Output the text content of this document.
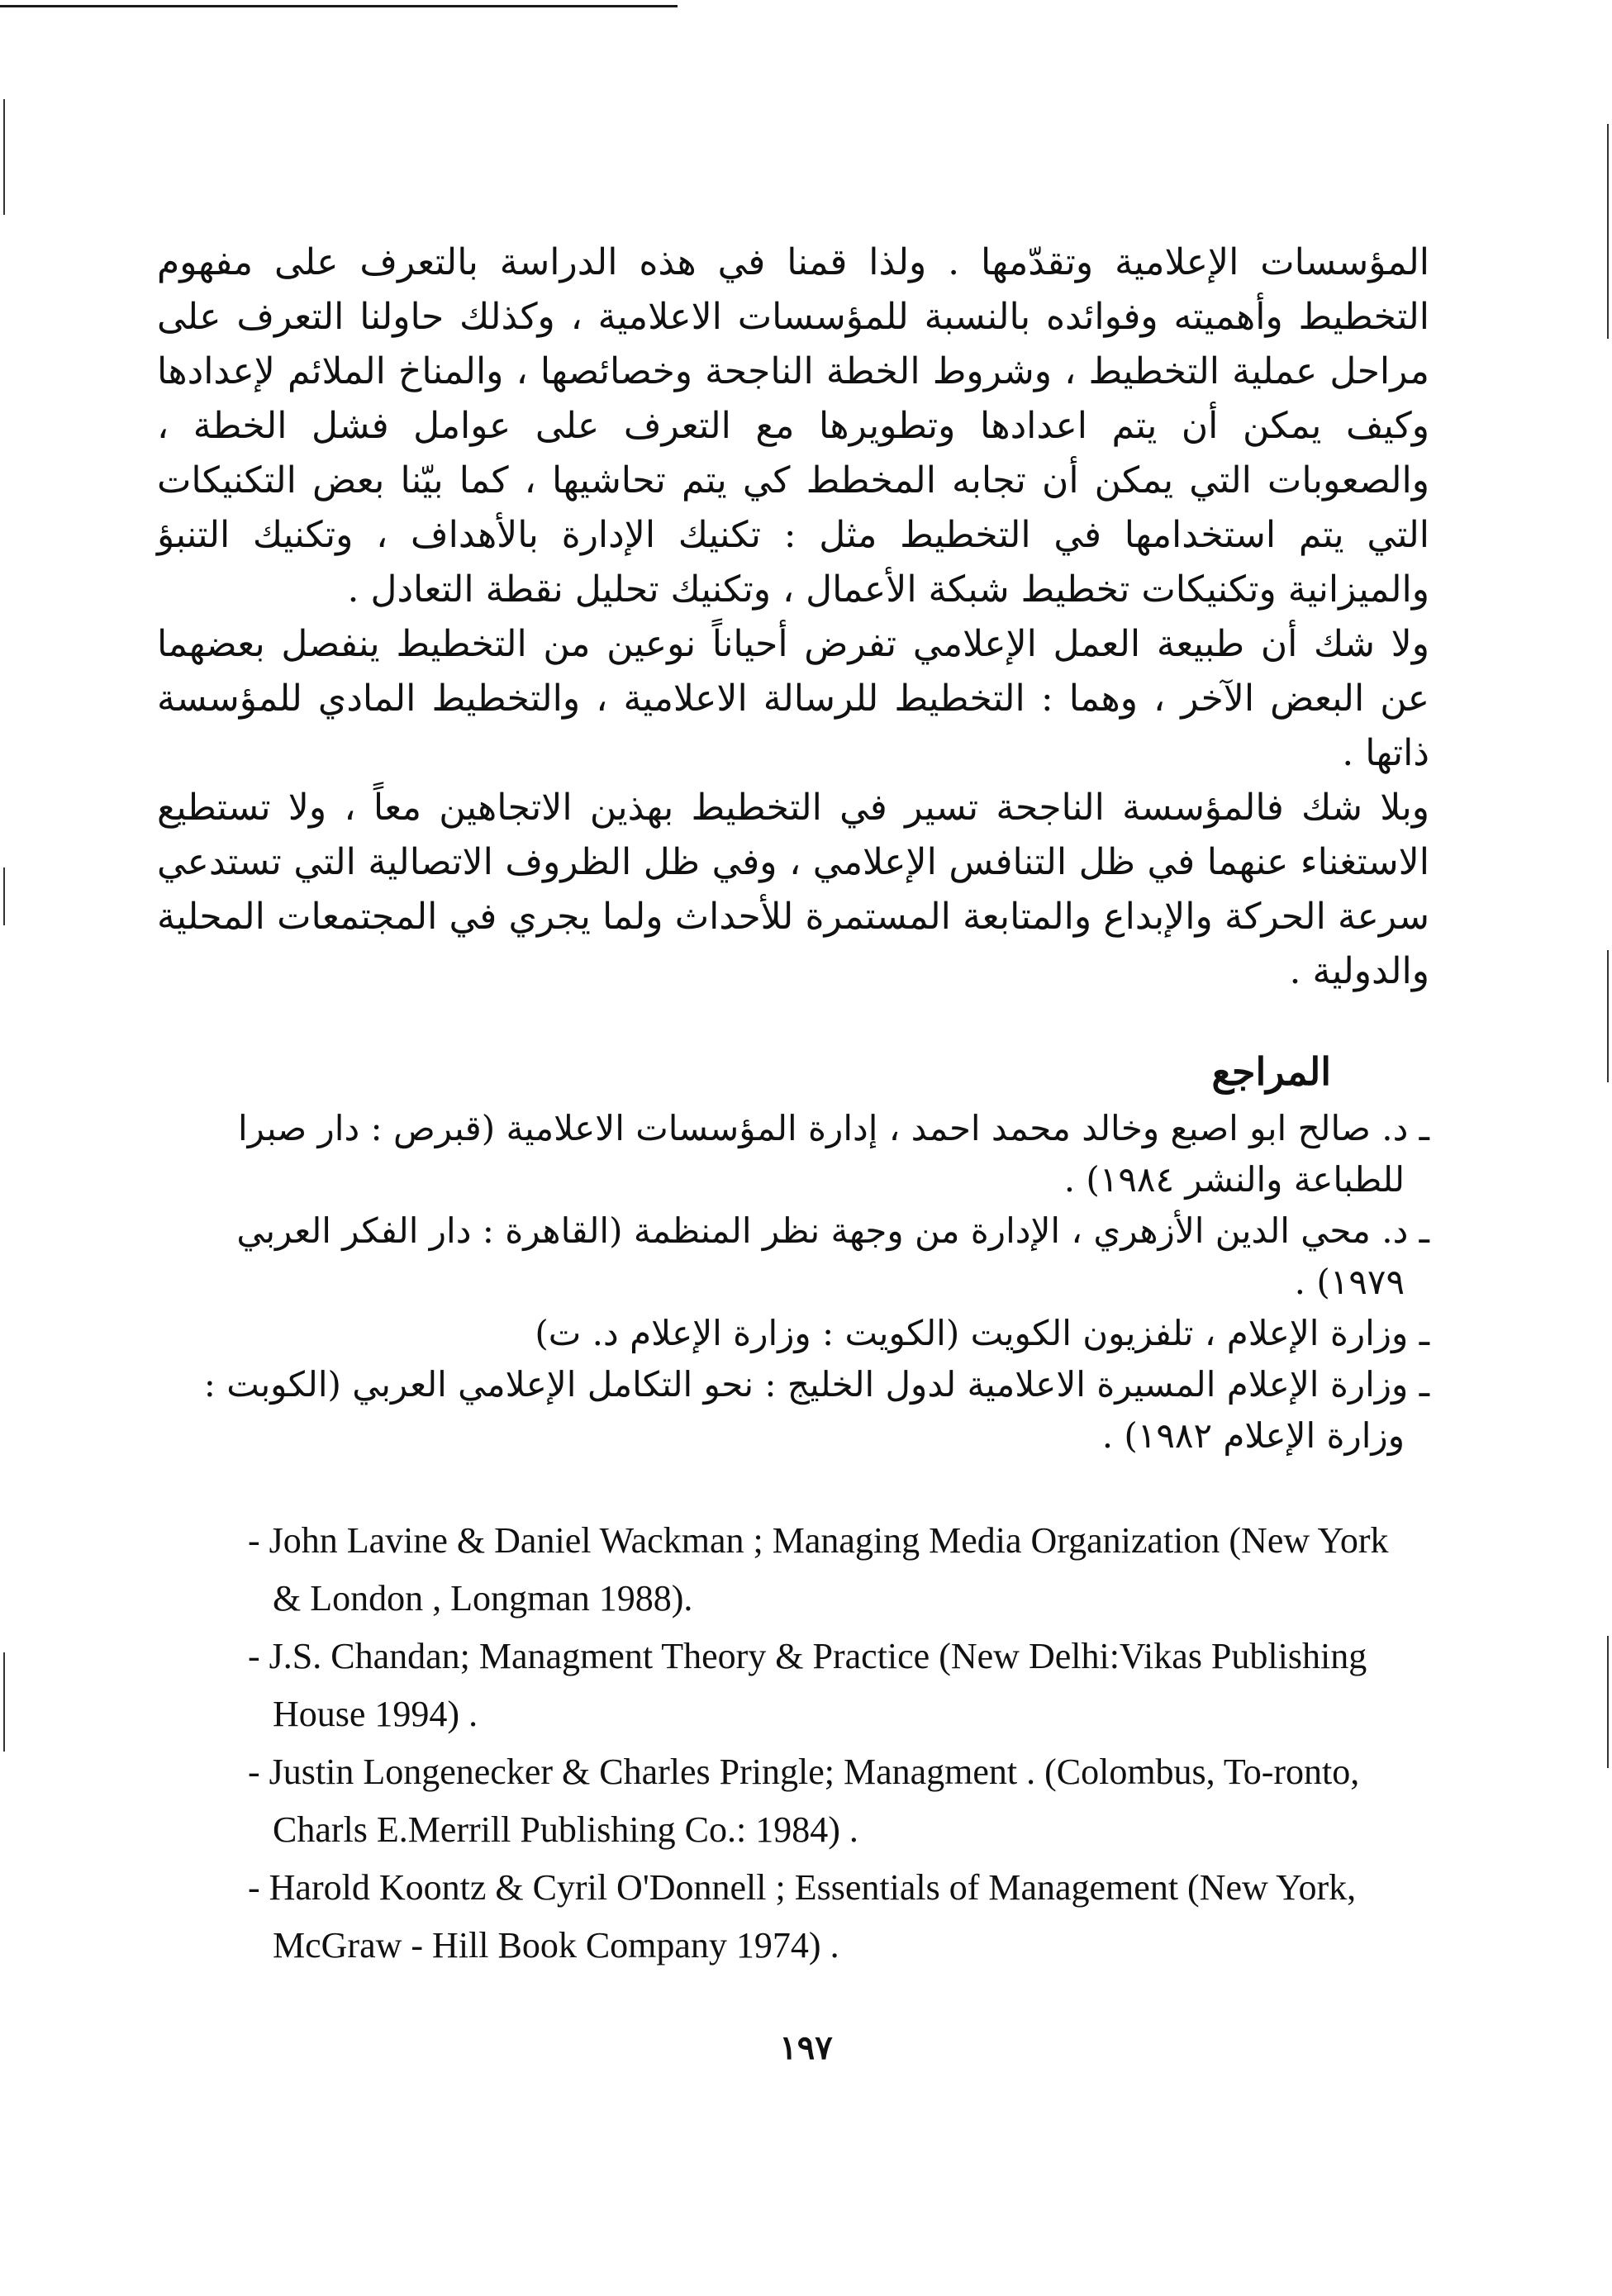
المؤسسات الإعلامية وتقدّمها . ولذا قمنا في هذه الدراسة بالتعرف على مفهوم التخطيط وأهميته وفوائده بالنسبة للمؤسسات الاعلامية ، وكذلك حاولنا التعرف على مراحل عملية التخطيط ، وشروط الخطة الناجحة وخصائصها ، والمناخ الملائم لإعدادها وكيف يمكن أن يتم اعدادها وتطويرها مع التعرف على عوامل فشل الخطة ، والصعوبات التي يمكن أن تجابه المخطط كي يتم تحاشيها ، كما بيّنا بعض التكنيكات التي يتم استخدامها في التخطيط مثل : تكنيك الإدارة بالأهداف ، وتكنيك التنبؤ والميزانية وتكنيكات تخطيط شبكة الأعمال ، وتكنيك تحليل نقطة التعادل .

ولا شك أن طبيعة العمل الإعلامي تفرض أحياناً نوعين من التخطيط ينفصل بعضهما عن البعض الآخر ، وهما : التخطيط للرسالة الاعلامية ، والتخطيط المادي للمؤسسة ذاتها .

وبلا شك فالمؤسسة الناجحة تسير في التخطيط بهذين الاتجاهين معاً ، ولا تستطيع الاستغناء عنهما في ظل التنافس الإعلامي ، وفي ظل الظروف الاتصالية التي تستدعي سرعة الحركة والإبداع والمتابعة المستمرة للأحداث ولما يجري في المجتمعات المحلية والدولية .

المراجع
ـ د. صالح ابو اصبع وخالد محمد احمد ، إدارة المؤسسات الاعلامية (قبرص : دار صبرا
للطباعة والنشر ١٩٨٤) .
ـ د. محي الدين الأزهري ، الإدارة من وجهة نظر المنظمة (القاهرة : دار الفكر العربي
١٩٧٩) .
ـ وزارة الإعلام ، تلفزيون الكويت (الكويت : وزارة الإعلام د. ت)
ـ وزارة الإعلام المسيرة الاعلامية لدول الخليج : نحو التكامل الإعلامي العربي (الكوبت :
وزارة الإعلام ١٩٨٢) .
- John Lavine & Daniel Wackman ; Managing Media Organization (New York & London , Longman 1988).
- J.S. Chandan; Managment Theory & Practice (New Delhi:Vikas Publishing House 1994) .
- Justin Longenecker & Charles Pringle; Managment . (Colombus, To-ronto, Charls E.Merrill Publishing Co.: 1984) .
- Harold Koontz & Cyril O'Donnell ; Essentials of Management (New York, McGraw - Hill Book Company 1974) .
١٩٧
